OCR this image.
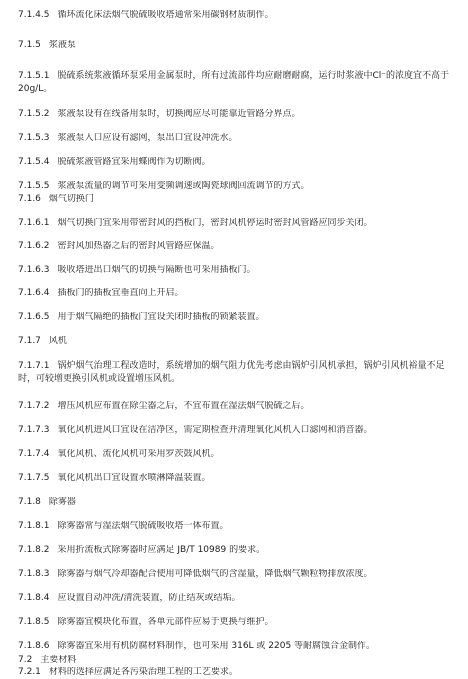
7.1.4.5 循环流化床法烟气脱硫吸收塔通常采用碳钢材质制作。
7.1.5 浆液泵
7.1.5.1 脱硫系统浆液循环泵采用金属泵时，所有过流部件均应耐磨耐腐，运行时浆液中Cl⁻的浓度宜不高于 20g/L。
7.1.5.2 浆液泵设有在线备用泵时，切换阀应尽可能靠近管路分界点。
7.1.5.3 浆液泵入口应设有滤网，泵出口宜设冲洗水。
7.1.5.4 脱硫浆液管路宜采用蝶阀作为切断阀。
7.1.5.5 浆液泵流量的调节可采用变频调速或陶瓷球阀回流调节的方式。
7.1.6 烟气切换门
7.1.6.1 烟气切换门宜采用带密封风的挡板门，密封风机停运时密封风管路应同步关闭。
7.1.6.2 密封风加热器之后的密封风管路应保温。
7.1.6.3 吸收塔进出口烟气的切换与隔断也可采用插板门。
7.1.6.4 插板门的插板宜垂直向上开启。
7.1.6.5 用于烟气隔绝的插板门宜设关闭时插板的锁紧装置。
7.1.7 风机
7.1.7.1 锅炉烟气治理工程改造时，系统增加的烟气阻力优先考虑由锅炉引风机承担，锅炉引风机裕量不足时，可较增更换引风机或设置增压风机。
7.1.7.2 增压风机应布置在除尘器之后，不宜布置在湿法烟气脱硫之后。
7.1.7.3 氧化风机进风口宜设在洁净区，需定期检查并清理氧化风机入口滤网和消音器。
7.1.7.4 氧化风机、流化风机可采用罗茨鼓风机。
7.1.7.5 氧化风机出口宜设置水喷淋降温装置。
7.1.8 除雾器
7.1.8.1 除雾器常与湿法烟气脱硫吸收塔一体布置。
7.1.8.2 采用折流板式除雾器时应满足 JB/T 10989 的要求。
7.1.8.3 除雾器与烟气冷却器配合使用可降低烟气的含湿量，降低烟气颗粒物排放浓度。
7.1.8.4 应设置自动冲洗/清洗装置，防止结灰或结垢。
7.1.8.5 除雾器宜模块化布置，各单元部件应易于更换与维护。
7.1.8.6 除雾器宜采用有机防腐材料制作，也可采用 316L 或 2205 等耐腐蚀合金制作。
7.2 主要材料
7.2.1 材料的选择应满足各污染治理工程的工艺要求。
